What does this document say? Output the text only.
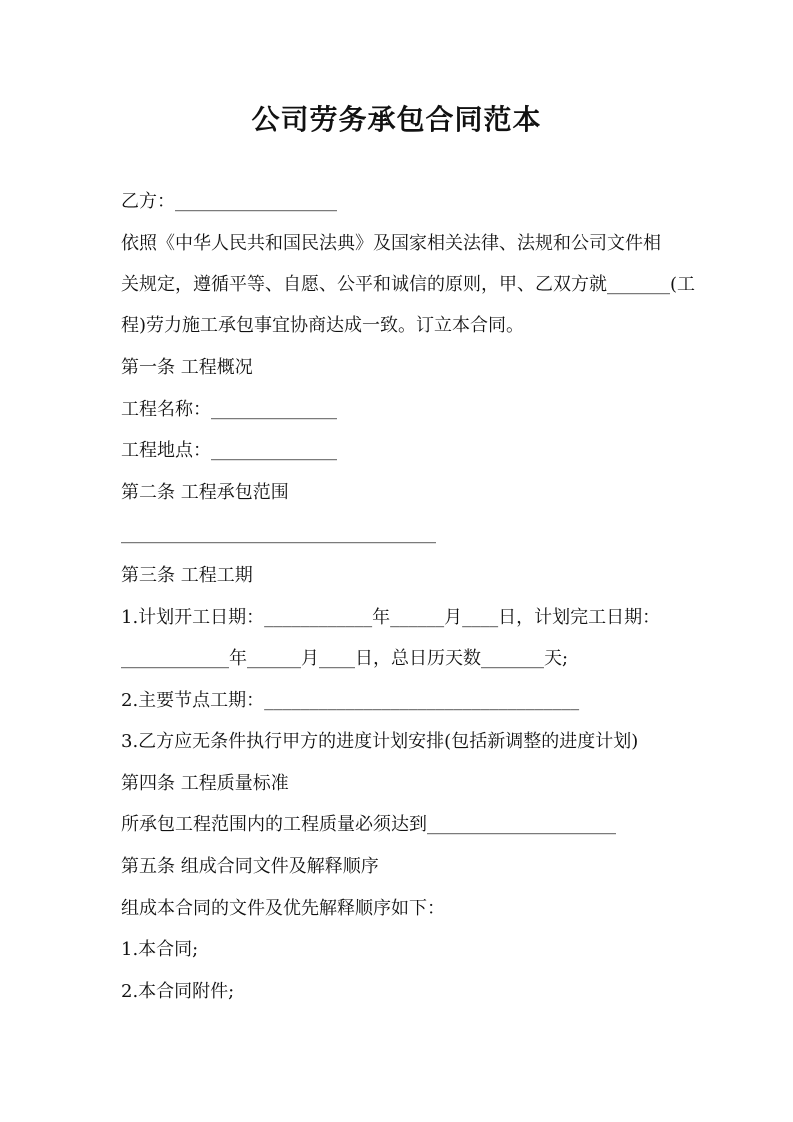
公司劳务承包合同范本
乙方：__________________
依照《中华人民共和国民法典》及国家相关法律、法规和公司文件相
关规定，遵循平等、自愿、公平和诚信的原则，甲、乙双方就_______(工
程)劳力施工承包事宜协商达成一致。订立本合同。
第一条 工程概况
工程名称：______________
工程地点：______________
第二条 工程承包范围
___________________________________
第三条 工程工期
1.计划开工日期：____________年______月____日，计划完工日期：
____________年______月____日，总日历天数_______天;
2.主要节点工期：___________________________________
3.乙方应无条件执行甲方的进度计划安排(包括新调整的进度计划)
第四条 工程质量标准
所承包工程范围内的工程质量必须达到_____________________
第五条 组成合同文件及解释顺序
组成本合同的文件及优先解释顺序如下：
1.本合同;
2.本合同附件;
